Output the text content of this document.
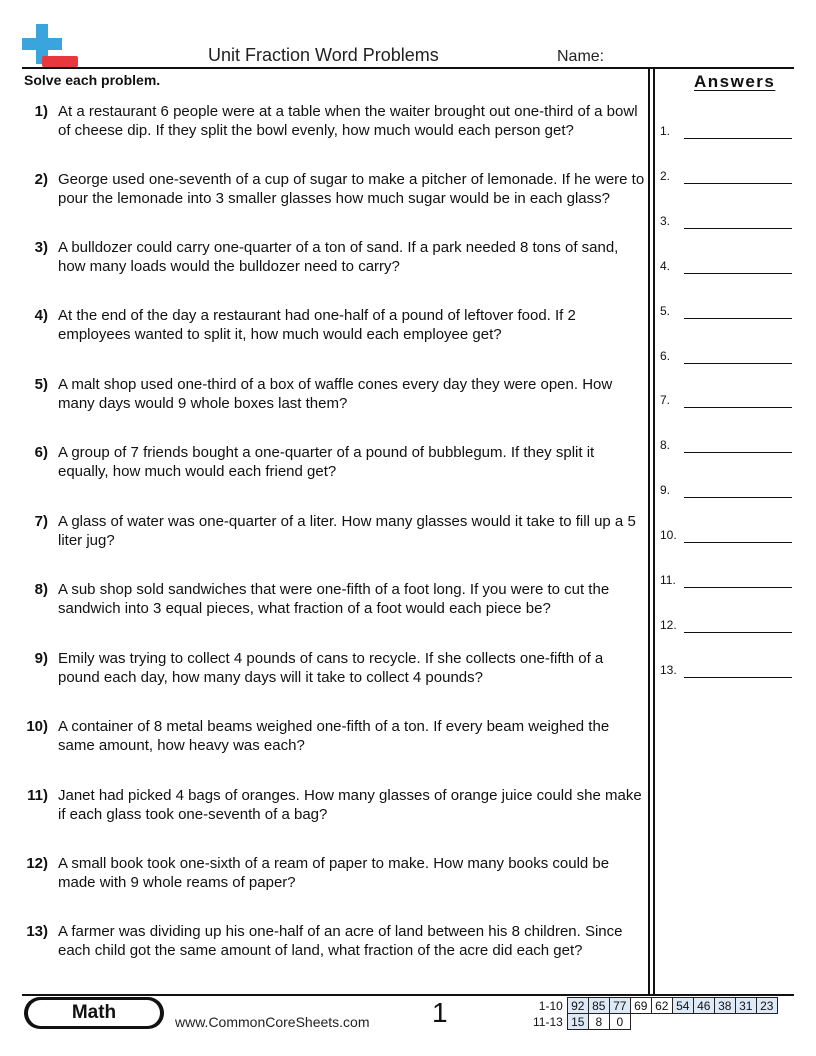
Unit Fraction Word Problems	Name:
Solve each problem.	Answers
1) At a restaurant 6 people were at a table when the waiter brought out one-third of a bowl of cheese dip. If they split the bowl evenly, how much would each person get?
2) George used one-seventh of a cup of sugar to make a pitcher of lemonade. If he were to pour the lemonade into 3 smaller glasses how much sugar would be in each glass?
3) A bulldozer could carry one-quarter of a ton of sand. If a park needed 8 tons of sand, how many loads would the bulldozer need to carry?
4) At the end of the day a restaurant had one-half of a pound of leftover food. If 2 employees wanted to split it, how much would each employee get?
5) A malt shop used one-third of a box of waffle cones every day they were open. How many days would 9 whole boxes last them?
6) A group of 7 friends bought a one-quarter of a pound of bubblegum. If they split it equally, how much would each friend get?
7) A glass of water was one-quarter of a liter. How many glasses would it take to fill up a 5 liter jug?
8) A sub shop sold sandwiches that were one-fifth of a foot long. If you were to cut the sandwich into 3 equal pieces, what fraction of a foot would each piece be?
9) Emily was trying to collect 4 pounds of cans to recycle. If she collects one-fifth of a pound each day, how many days will it take to collect 4 pounds?
10) A container of 8 metal beams weighed one-fifth of a ton. If every beam weighed the same amount, how heavy was each?
11) Janet had picked 4 bags of oranges. How many glasses of orange juice could she make if each glass took one-seventh of a bag?
12) A small book took one-sixth of a ream of paper to make. How many books could be made with 9 whole reams of paper?
13) A farmer was dividing up his one-half of an acre of land between his 8 children. Since each child got the same amount of land, what fraction of the acre did each get?
1.
2.
3.
4.
5.
6.
7.
8.
9.
10.
11.
12.
13.
Math	www.CommonCoreSheets.com 1	1-10	92	85	77	69	62	54	46	38	31	23
11-13	15	8	0							
